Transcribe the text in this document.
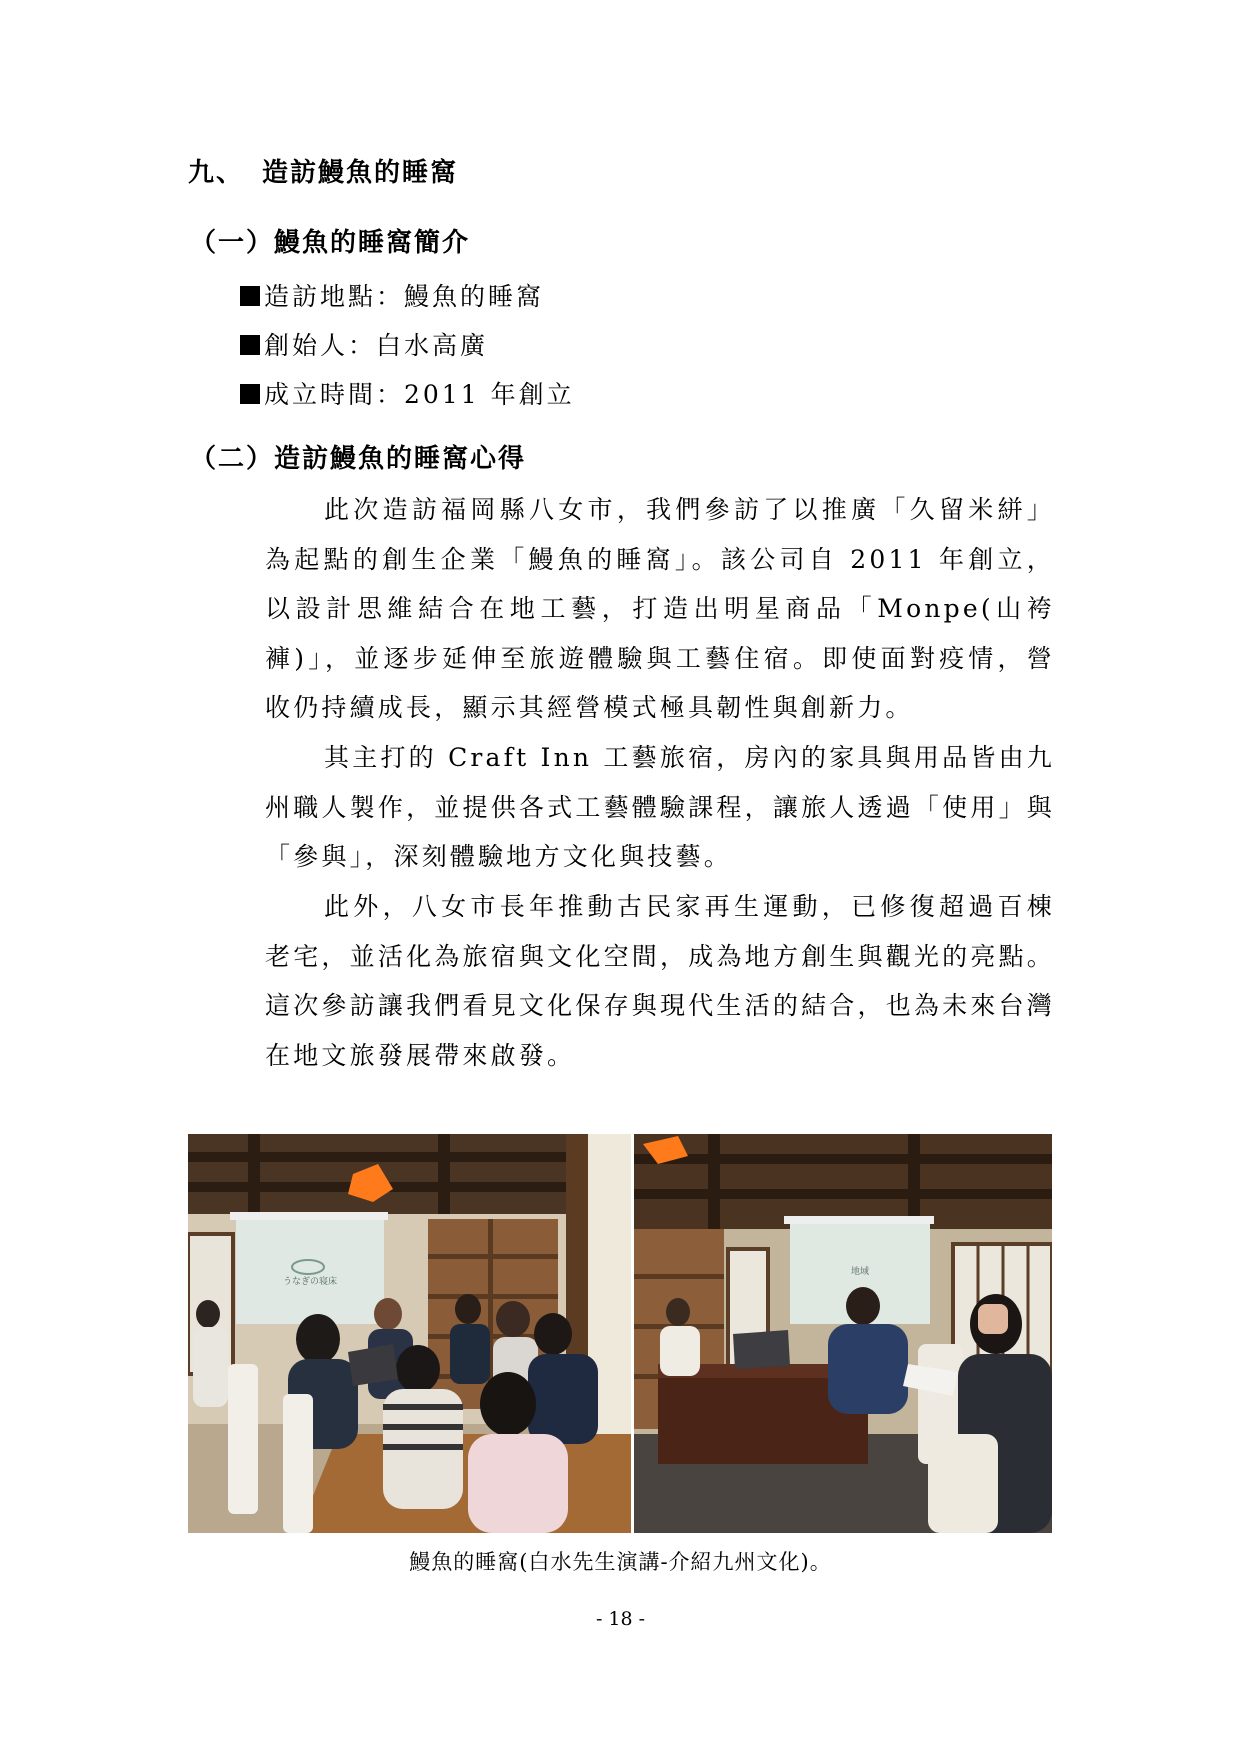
九、 造訪鰻魚的睡窩
（一）鰻魚的睡窩簡介
造訪地點：鰻魚的睡窩
創始人：白水高廣
成立時間：2011 年創立
（二）造訪鰻魚的睡窩心得
此次造訪福岡縣八女市，我們參訪了以推廣「久留米絣」為起點的創生企業「鰻魚的睡窩」。該公司自 2011 年創立，以設計思維結合在地工藝，打造出明星商品「Monpe(山袴褲)」，並逐步延伸至旅遊體驗與工藝住宿。即使面對疫情，營收仍持續成長，顯示其經營模式極具韌性與創新力。
其主打的 Craft Inn 工藝旅宿，房內的家具與用品皆由九州職人製作，並提供各式工藝體驗課程，讓旅人透過「使用」與「參與」，深刻體驗地方文化與技藝。
此外，八女市長年推動古民家再生運動，已修復超過百棟老宅，並活化為旅宿與文化空間，成為地方創生與觀光的亮點。這次參訪讓我們看見文化保存與現代生活的結合，也為未來台灣在地文旅發展帶來啟發。
うなぎの寝床
地域
鰻魚的睡窩(白水先生演講-介紹九州文化)。
- 18 -
